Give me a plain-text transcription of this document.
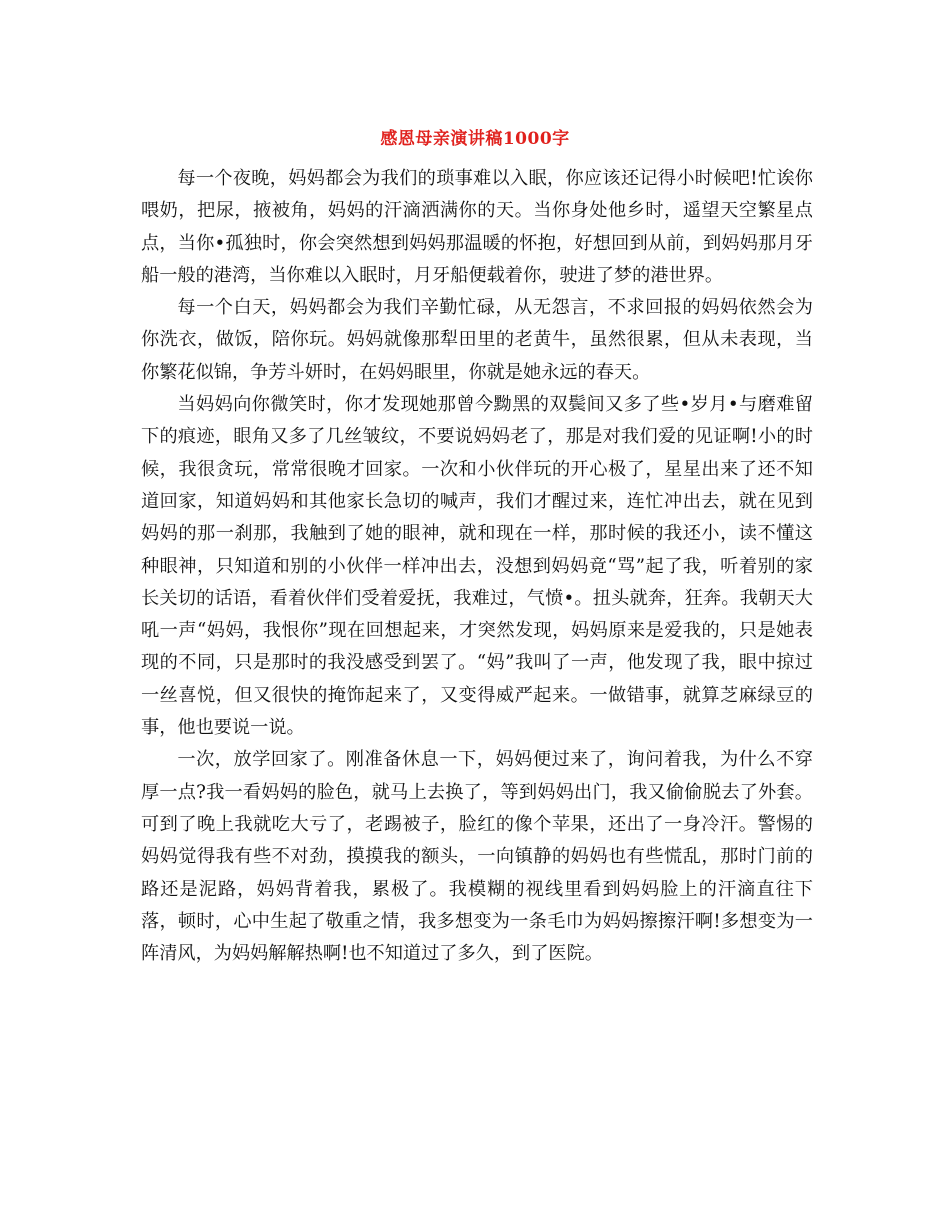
感恩母亲演讲稿1000字

每一个夜晚，妈妈都会为我们的琐事难以入眠，你应该还记得小时候吧!忙诶你喂奶，把尿，掖被角，妈妈的汗滴洒满你的天。当你身处他乡时，遥望天空繁星点点，当你•孤独时，你会突然想到妈妈那温暖的怀抱，好想回到从前，到妈妈那月牙船一般的港湾，当你难以入眠时，月牙船便载着你，驶进了梦的港世界。

每一个白天，妈妈都会为我们辛勤忙碌，从无怨言，不求回报的妈妈依然会为你洗衣，做饭，陪你玩。妈妈就像那犁田里的老黄牛，虽然很累，但从未表现，当你繁花似锦，争芳斗妍时，在妈妈眼里，你就是她永远的春天。

当妈妈向你微笑时，你才发现她那曾今黝黑的双鬓间又多了些•岁月•与磨难留下的痕迹，眼角又多了几丝皱纹，不要说妈妈老了，那是对我们爱的见证啊!小的时候，我很贪玩，常常很晚才回家。一次和小伙伴玩的开心极了，星星出来了还不知道回家，知道妈妈和其他家长急切的喊声，我们才醒过来，连忙冲出去，就在见到妈妈的那一刹那，我触到了她的眼神，就和现在一样，那时候的我还小，读不懂这种眼神，只知道和别的小伙伴一样冲出去，没想到妈妈竟“骂”起了我，听着别的家长关切的话语，看着伙伴们受着爱抚，我难过，气愤•。扭头就奔，狂奔。我朝天大吼一声“妈妈，我恨你”现在回想起来，才突然发现，妈妈原来是爱我的，只是她表现的不同，只是那时的我没感受到罢了。“妈”我叫了一声，他发现了我，眼中掠过一丝喜悦，但又很快的掩饰起来了，又变得威严起来。一做错事，就算芝麻绿豆的事，他也要说一说。

一次，放学回家了。刚准备休息一下，妈妈便过来了，询问着我，为什么不穿厚一点?我一看妈妈的脸色，就马上去换了，等到妈妈出门，我又偷偷脱去了外套。可到了晚上我就吃大亏了，老踢被子，脸红的像个苹果，还出了一身冷汗。警惕的妈妈觉得我有些不对劲，摸摸我的额头，一向镇静的妈妈也有些慌乱，那时门前的路还是泥路，妈妈背着我，累极了。我模糊的视线里看到妈妈脸上的汗滴直往下落，顿时，心中生起了敬重之情，我多想变为一条毛巾为妈妈擦擦汗啊!多想变为一阵清风，为妈妈解解热啊!也不知道过了多久，到了医院。
